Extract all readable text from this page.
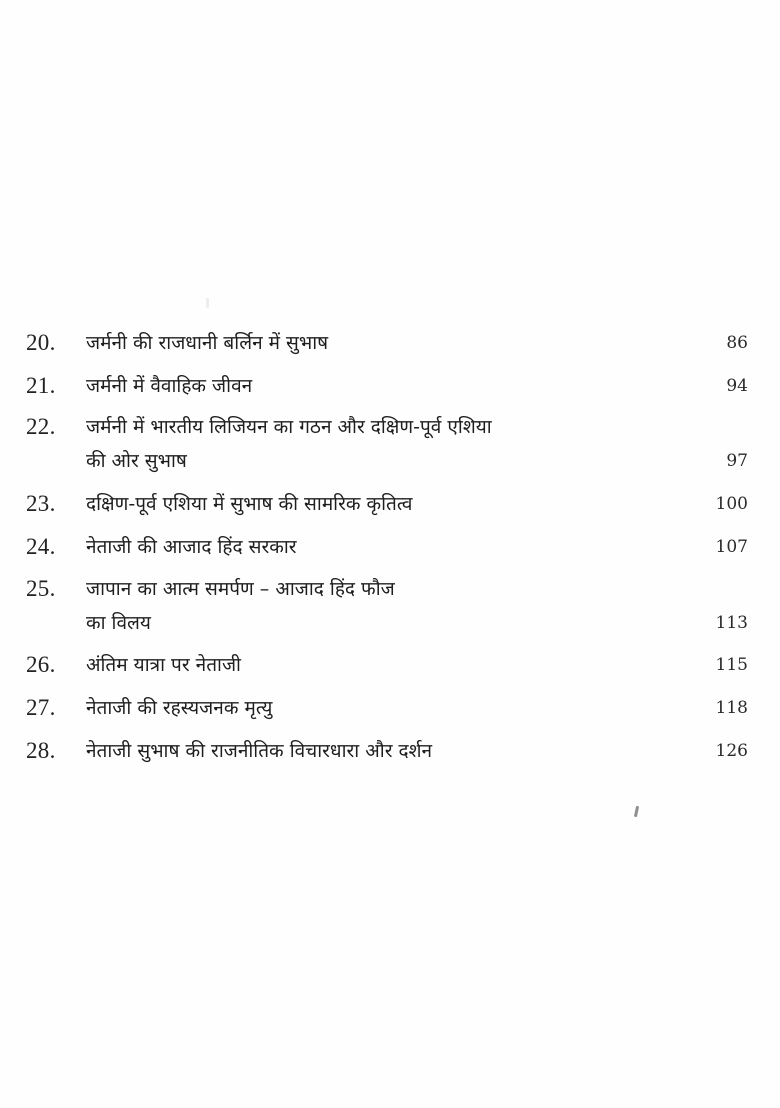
20.	जर्मनी की राजधानी बर्लिन में सुभाष	86
21.	जर्मनी में वैवाहिक जीवन	94
22.	जर्मनी में भारतीय लिजियन का गठन और दक्षिण-पूर्व एशिया
की ओर सुभाष	97
23.	दक्षिण-पूर्व एशिया में सुभाष की सामरिक कृतित्व	100
24.	नेताजी की आजाद हिंद सरकार	107
25.	जापान का आत्म समर्पण – आजाद हिंद फौज
का विलय	113
26.	अंतिम यात्रा पर नेताजी	115
27.	नेताजी की रहस्यजनक मृत्यु	118
28.	नेताजी सुभाष की राजनीतिक विचारधारा और दर्शन	126
